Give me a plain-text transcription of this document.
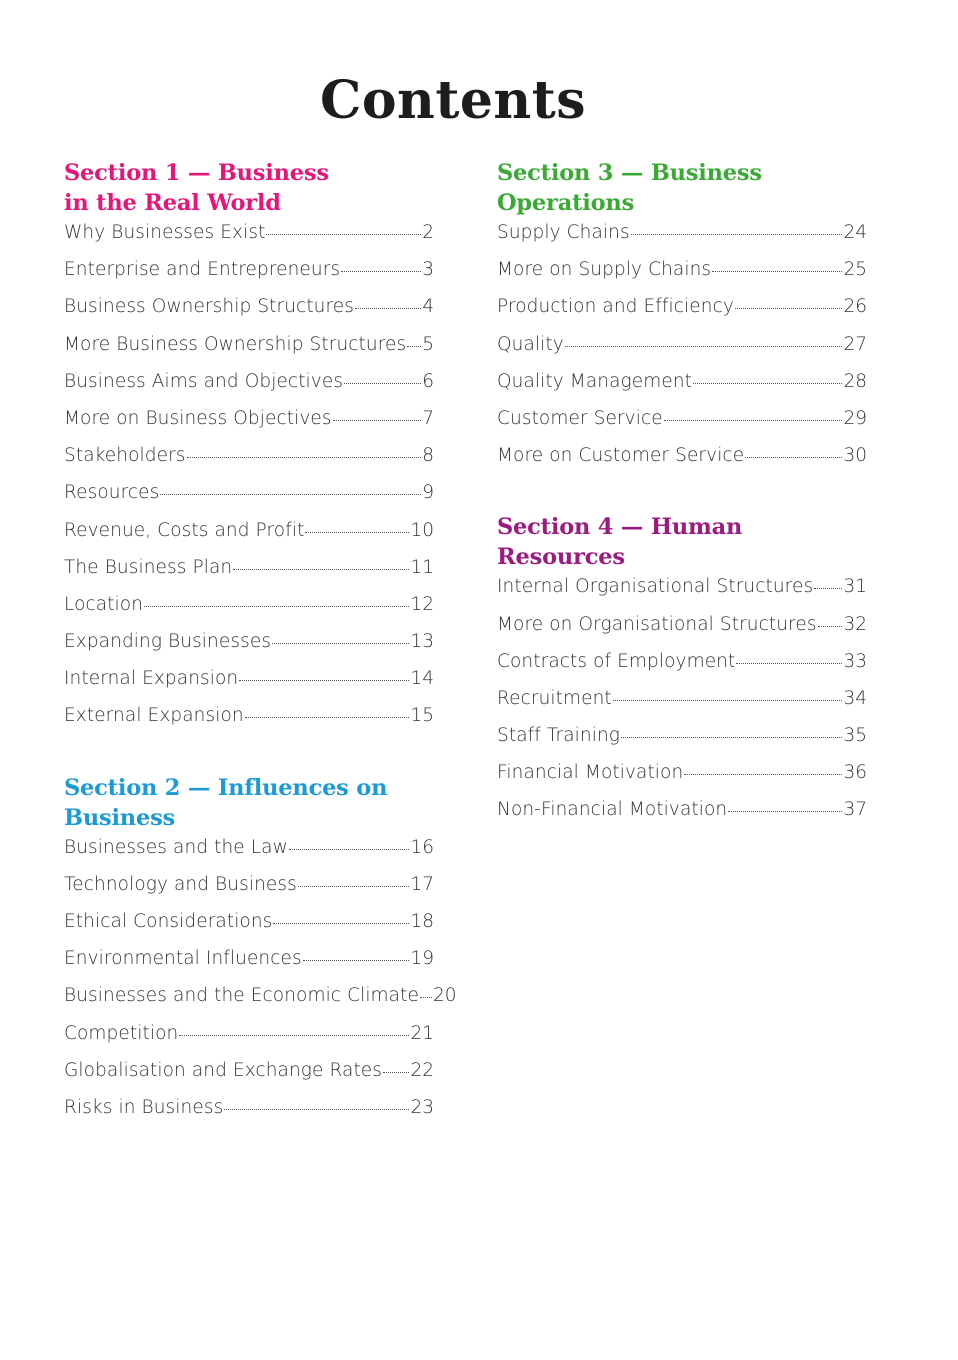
Contents
Section 1 — Business
in the Real World
Why Businesses Exist	2
Enterprise and Entrepreneurs	3
Business Ownership Structures	4
More Business Ownership Structures 5
Business Aims and Objectives	6
More on Business Objectives	7
Stakeholders	8
Resources	9
Revenue, Costs and Profit	10
The Business Plan	11
Location	12
Expanding Businesses	13
Internal Expansion	14
External Expansion	15
Section 2 — Influences on
Business
Businesses and the Law	16
Technology and Business	17
Ethical Considerations	18
Environmental Influences	19
Businesses and the Economic Climate 20
Competition	21
Globalisation and Exchange Rates 22
Risks in Business	23
Section 3 — Business
Operations
Supply Chains	24
More on Supply Chains	25
Production and Efficiency	26
Quality	27
Quality Management	28
Customer Service	29
More on Customer Service	30
Section 4 — Human
Resources
Internal Organisational Structures 31
More on Organisational Structures 32
Contracts of Employment	33
Recruitment	34
Staff Training	35
Financial Motivation	36
Non-Financial Motivation	37
